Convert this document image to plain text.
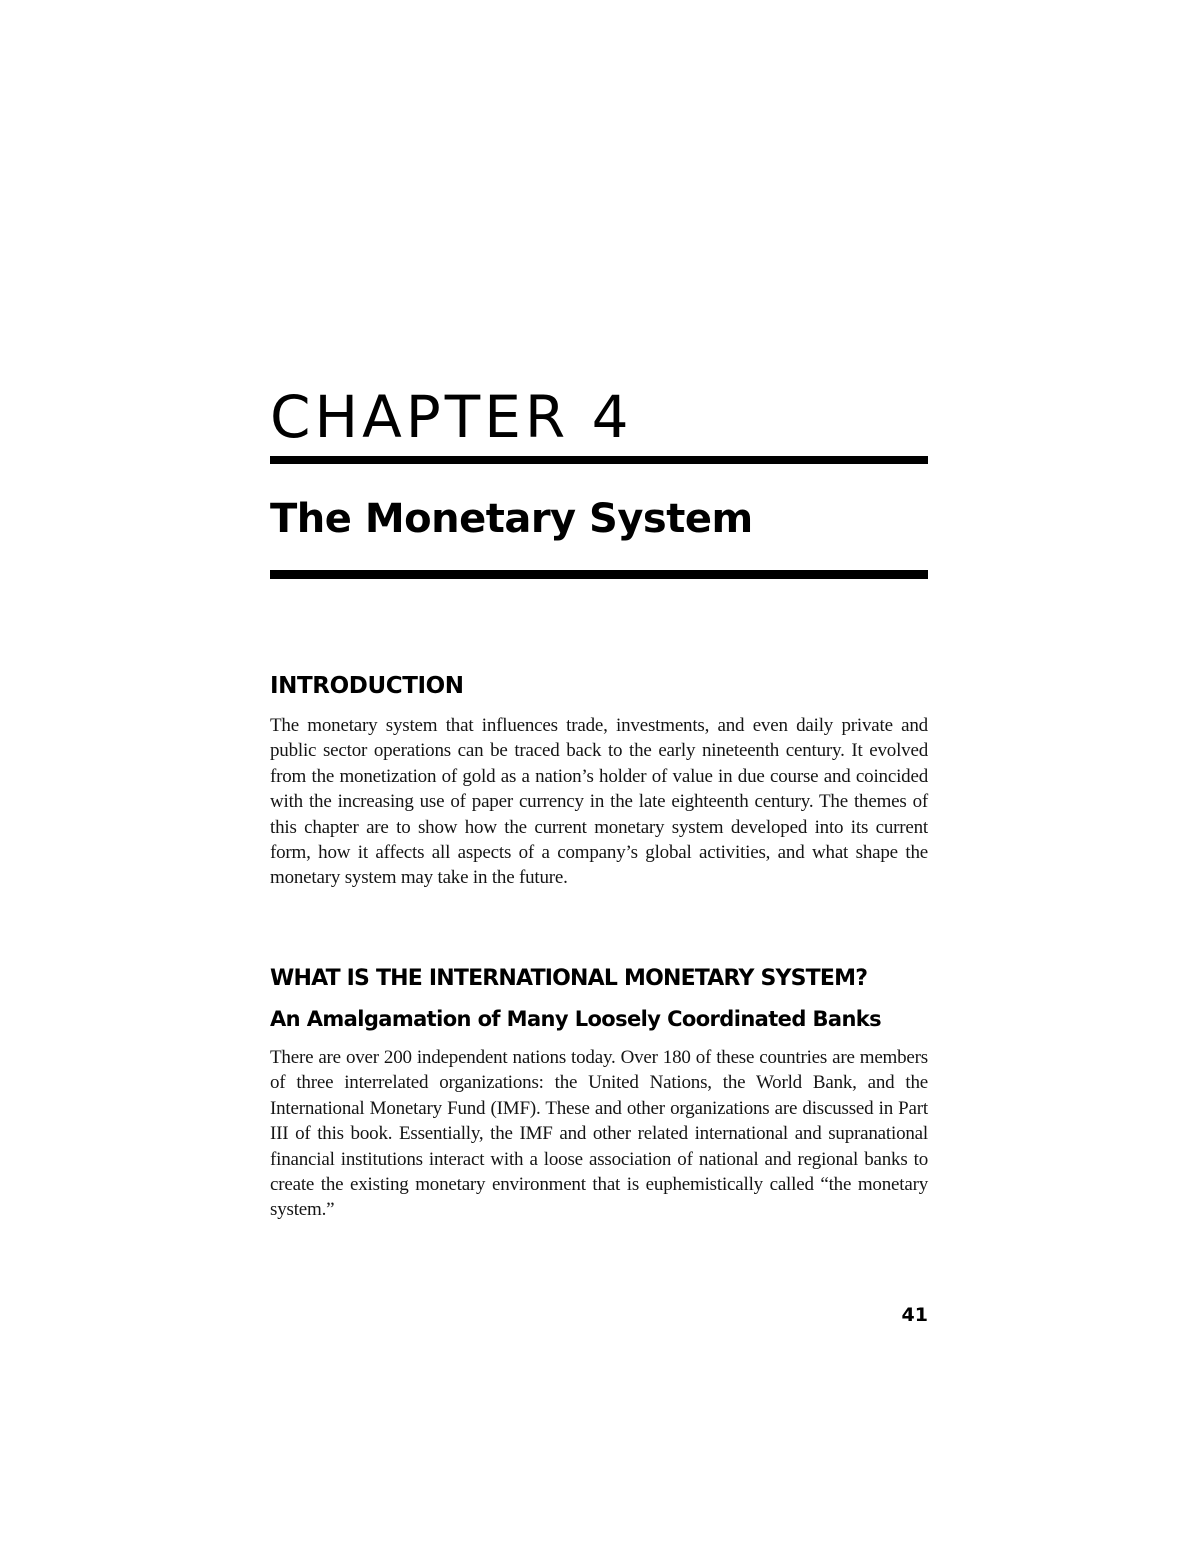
CHAPTER 4
The Monetary System
INTRODUCTION

The monetary system that influences trade, investments, and even daily private and public sector operations can be traced back to the early nineteenth century. It evolved from the monetization of gold as a nation’s holder of value in due course and coincided with the increasing use of paper currency in the late eighteenth century. The themes of this chapter are to show how the current monetary system developed into its current form, how it affects all aspects of a company’s global activities, and what shape the monetary system may take in the future.

WHAT IS THE INTERNATIONAL MONETARY SYSTEM?
An Amalgamation of Many Loosely Coordinated Banks

There are over 200 independent nations today. Over 180 of these countries are members of three interrelated organizations: the United Nations, the World Bank, and the International Monetary Fund (IMF). These and other organizations are discussed in Part III of this book. Essentially, the IMF and other related international and supranational financial institutions interact with a loose association of national and regional banks to create the existing monetary environment that is euphemistically called “the monetary system.”

41
